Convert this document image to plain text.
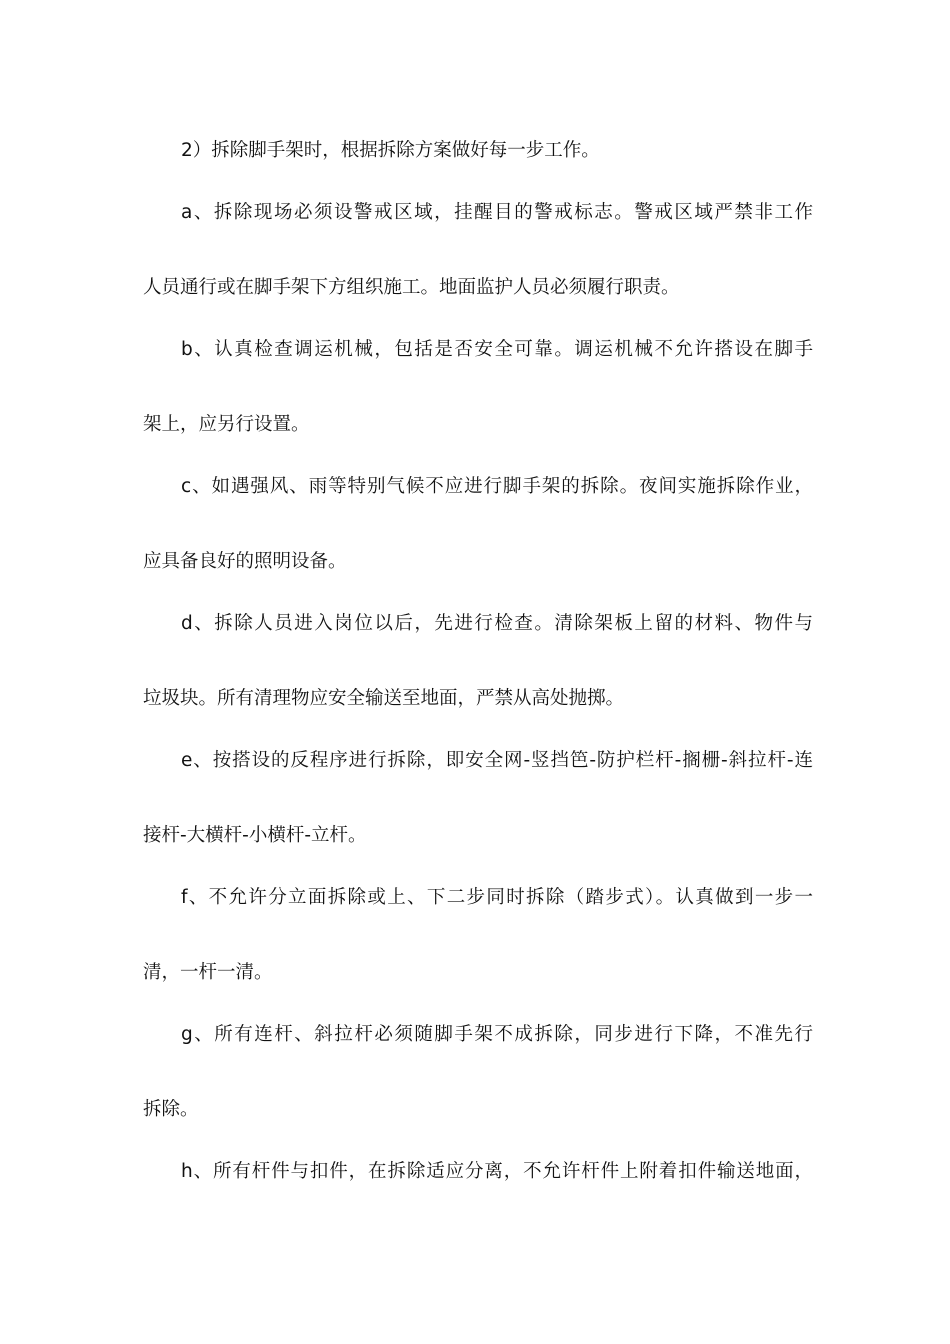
2）拆除脚手架时，根据拆除方案做好每一步工作。
a、拆除现场必须设警戒区域，挂醒目的警戒标志。警戒区域严禁非工作
人员通行或在脚手架下方组织施工。地面监护人员必须履行职责。
b、认真检查调运机械，包括是否安全可靠。调运机械不允许搭设在脚手
架上，应另行设置。
c、如遇强风、雨等特别气候不应进行脚手架的拆除。夜间实施拆除作业，
应具备良好的照明设备。
d、拆除人员进入岗位以后，先进行检查。清除架板上留的材料、物件与
垃圾块。所有清理物应安全输送至地面，严禁从高处抛掷。
e、按搭设的反程序进行拆除，即安全网-竖挡笆-防护栏杆-搁栅-斜拉杆-连
接杆-大横杆-小横杆-立杆。
f、不允许分立面拆除或上、下二步同时拆除（踏步式）。认真做到一步一
清，一杆一清。
g、所有连杆、斜拉杆必须随脚手架不成拆除，同步进行下降，不准先行
拆除。
h、所有杆件与扣件，在拆除适应分离，不允许杆件上附着扣件输送地面，
